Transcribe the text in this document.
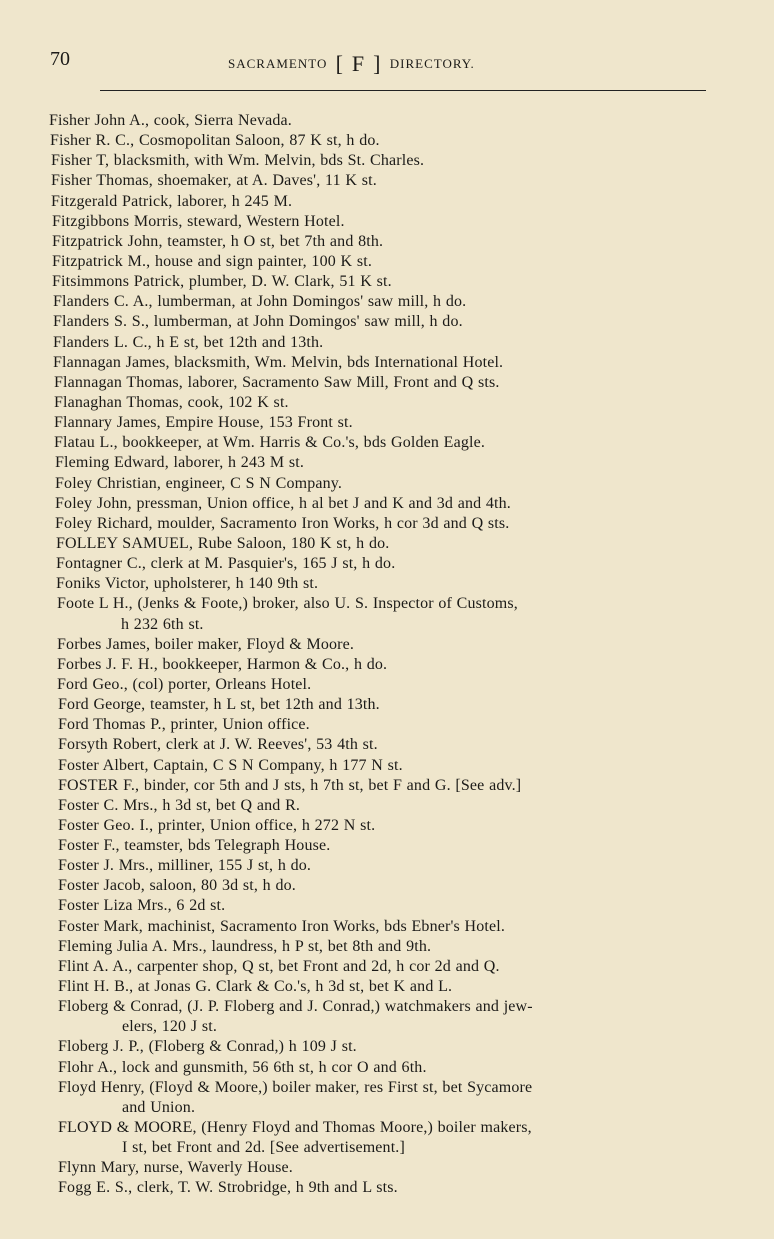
70	SACRAMENTO [ F ] DIRECTORY.
Fisher John A., cook, Sierra Nevada.
Fisher R. C., Cosmopolitan Saloon, 87 K st, h do.
Fisher T, blacksmith, with Wm. Melvin, bds St. Charles.
Fisher Thomas, shoemaker, at A. Daves', 11 K st.
Fitzgerald Patrick, laborer, h 245 M.
Fitzgibbons Morris, steward, Western Hotel.
Fitzpatrick John, teamster, h O st, bet 7th and 8th.
Fitzpatrick M., house and sign painter, 100 K st.
Fitsimmons Patrick, plumber, D. W. Clark, 51 K st.
Flanders C. A., lumberman, at John Domingos' saw mill, h do.
Flanders S. S., lumberman, at John Domingos' saw mill, h do.
Flanders L. C., h E st, bet 12th and 13th.
Flannagan James, blacksmith, Wm. Melvin, bds International Hotel.
Flannagan Thomas, laborer, Sacramento Saw Mill, Front and Q sts.
Flanaghan Thomas, cook, 102 K st.
Flannary James, Empire House, 153 Front st.
Flatau L., bookkeeper, at Wm. Harris & Co.'s, bds Golden Eagle.
Fleming Edward, laborer, h 243 M st.
Foley Christian, engineer, C S N Company.
Foley John, pressman, Union office, h al bet J and K and 3d and 4th.
Foley Richard, moulder, Sacramento Iron Works, h cor 3d and Q sts.
FOLLEY SAMUEL, Rube Saloon, 180 K st, h do.
Fontagner C., clerk at M. Pasquier's, 165 J st, h do.
Foniks Victor, upholsterer, h 140 9th st.
Foote L H., (Jenks & Foote,) broker, also U. S. Inspector of Customs,
h 232 6th st.
Forbes James, boiler maker, Floyd & Moore.
Forbes J. F. H., bookkeeper, Harmon & Co., h do.
Ford Geo., (col) porter, Orleans Hotel.
Ford George, teamster, h L st, bet 12th and 13th.
Ford Thomas P., printer, Union office.
Forsyth Robert, clerk at J. W. Reeves', 53 4th st.
Foster Albert, Captain, C S N Company, h 177 N st.
FOSTER F., binder, cor 5th and J sts, h 7th st, bet F and G. [See adv.]
Foster C. Mrs., h 3d st, bet Q and R.
Foster Geo. I., printer, Union office, h 272 N st.
Foster F., teamster, bds Telegraph House.
Foster J. Mrs., milliner, 155 J st, h do.
Foster Jacob, saloon, 80 3d st, h do.
Foster Liza Mrs., 6 2d st.
Foster Mark, machinist, Sacramento Iron Works, bds Ebner's Hotel.
Fleming Julia A. Mrs., laundress, h P st, bet 8th and 9th.
Flint A. A., carpenter shop, Q st, bet Front and 2d, h cor 2d and Q.
Flint H. B., at Jonas G. Clark & Co.'s, h 3d st, bet K and L.
Floberg & Conrad, (J. P. Floberg and J. Conrad,) watchmakers and jew-
elers, 120 J st.
Floberg J. P., (Floberg & Conrad,) h 109 J st.
Flohr A., lock and gunsmith, 56 6th st, h cor O and 6th.
Floyd Henry, (Floyd & Moore,) boiler maker, res First st, bet Sycamore
and Union.
FLOYD & MOORE, (Henry Floyd and Thomas Moore,) boiler makers,
I st, bet Front and 2d. [See advertisement.]
Flynn Mary, nurse, Waverly House.
Fogg E. S., clerk, T. W. Strobridge, h 9th and L sts.
